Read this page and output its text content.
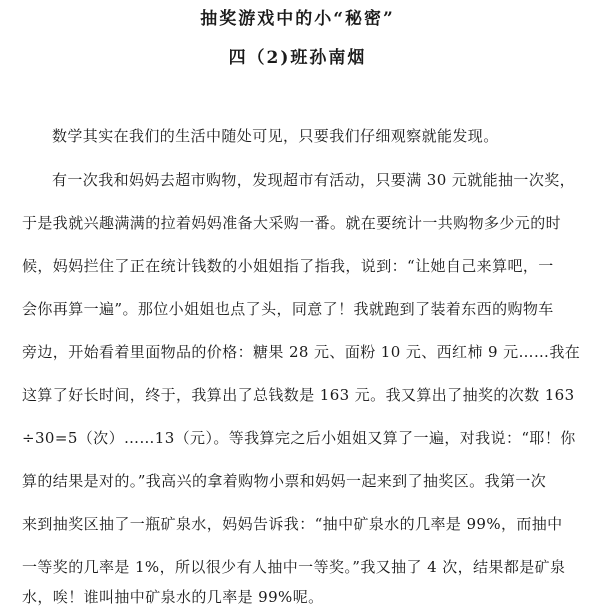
抽奖游戏中的小“秘密”
四（2)班孙南烟
数学其实在我们的生活中随处可见，只要我们仔细观察就能发现。
有一次我和妈妈去超市购物，发现超市有活动，只要满 30 元就能抽一次奖，
于是我就兴趣满满的拉着妈妈准备大采购一番。就在要统计一共购物多少元的时
候，妈妈拦住了正在统计钱数的小姐姐指了指我，说到：“让她自己来算吧，一
会你再算一遍”。那位小姐姐也点了头，同意了！我就跑到了装着东西的购物车
旁边，开始看着里面物品的价格：糖果 28 元、面粉 10 元、西红柿 9 元……我在
这算了好长时间，终于，我算出了总钱数是 163 元。我又算出了抽奖的次数 163
÷30=5（次）……13（元）。等我算完之后小姐姐又算了一遍，对我说：“耶！你
算的结果是对的。”我高兴的拿着购物小票和妈妈一起来到了抽奖区。我第一次
来到抽奖区抽了一瓶矿泉水，妈妈告诉我：“抽中矿泉水的几率是 99%，而抽中
一等奖的几率是 1%，所以很少有人抽中一等奖。”我又抽了 4 次，结果都是矿泉
水，唉！谁叫抽中矿泉水的几率是 99%呢。
